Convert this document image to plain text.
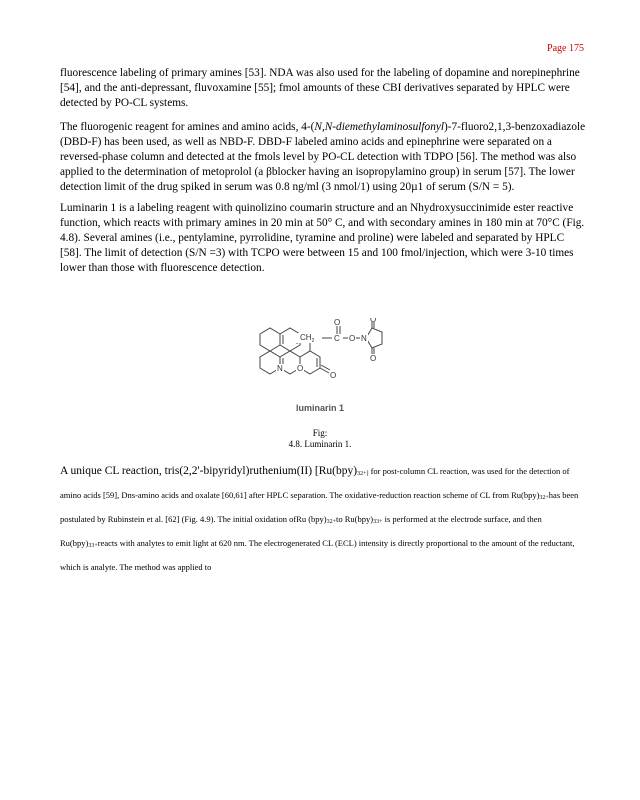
Page 175

fluorescence labeling of primary amines [53]. NDA was also used for the labeling of dopamine and norepinephrine [54], and the anti-depressant, fluvoxamine [55]; fmol amounts of these CBI derivatives separated by HPLC were detected by PO-CL systems.

The fluorogenic reagent for amines and amino acids, 4-(N,N-diemethylaminosulfonyl)-7-fluoro2,1,3-benzoxadiazole (DBD-F) has been used, as well as NBD-F. DBD-F labeled amino acids and epinephrine were separated on a reversed-phase column and detected at the fmols level by PO-CL detection with TDPO [56]. The method was also applied to the determination of metoprolol (a βblocker having an isopropylamino group) in serum [57]. The lower detection limit of the drug spiked in serum was 0.8 ng/ml (3 nmol/1) using 20µ1 of serum (S/N = 5).

Luminarin 1 is a labeling reagent with quinolizino coumarin structure and an Nhydroxysuccinimide ester reactive function, which reacts with primary amines in 20 min at 50° C, and with secondary amines in 180 min at 70°C (Fig. 4.8). Several amines (i.e., pentylamine, pyrrolidine, tyramine and proline) were labeled and separated by HPLC [58]. The limit of detection (S/N =3) with TCPO were between 15 and 100 fmol/injection, which were 3-10 times lower than those with fluorescence detection.

$CH_2$ C
O
O N
O
O
N O
O
luminarin 1
Fig:
4.8. Luminarin 1.

A unique CL reaction, tris(2,2'-bipyridyl)ruthenium(II) [$Ru(bpy)_{32+]}$ for post-column CL reaction, was used for the detection of amino acids [59], Dns-amino acids and oxalate [60,61] after HPLC separation. The oxidative-reduction reaction scheme of CL from $Ru(bpy)_{32+}has$ been postulated by Rubinstein et al. [62] (Fig. 4.9). The initial oxidation ofRu $(bpy)_{32+}to$ $Ru(bpy)_{33+}$ is performed at the electrode surface, and then $Ru(bpy)_{33+}reacts$ with analytes to emit light at 620 nm. The electrogenerated CL (ECL) intensity is directly proportional to the amount of the reductant, which is analyte. The method was applied to
